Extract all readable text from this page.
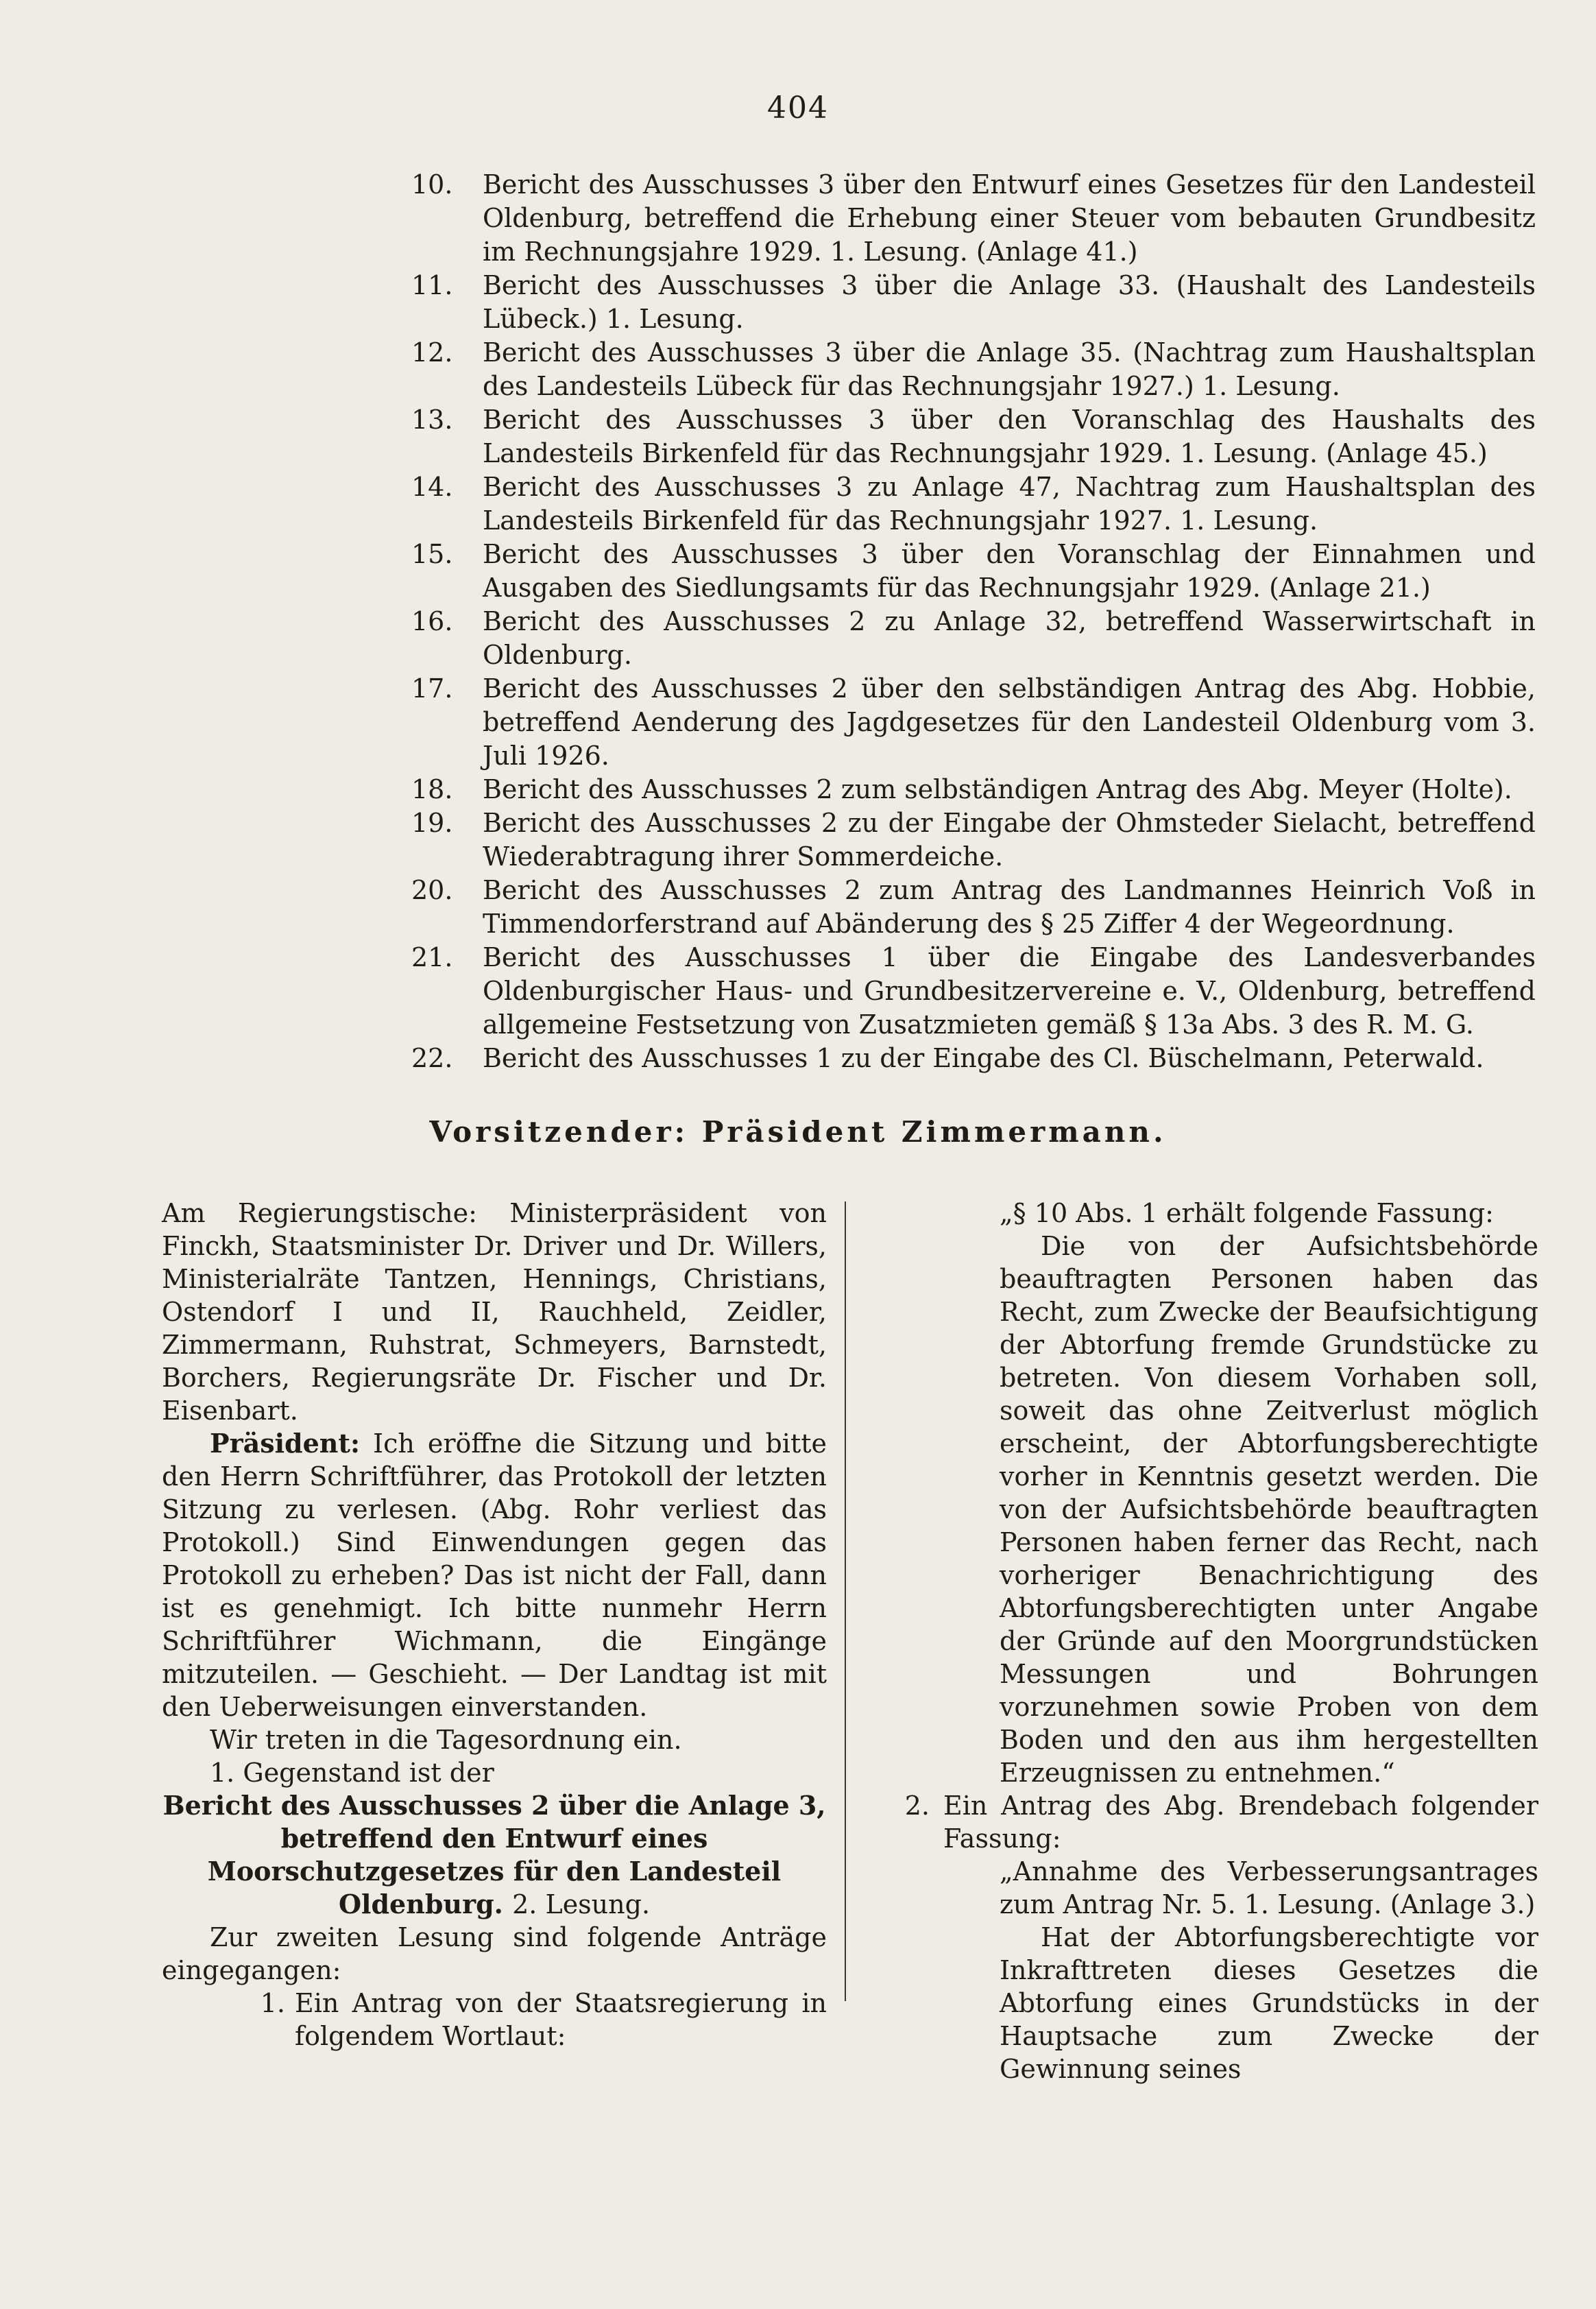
404
10.	Bericht des Ausschusses 3 über den Entwurf eines Gesetzes für den Landesteil Oldenburg, betreffend die Erhebung einer Steuer vom bebauten Grundbesitz im Rechnungsjahre 1929. 1. Lesung. (Anlage 41.)
11.	Bericht des Ausschusses 3 über die Anlage 33. (Haushalt des Landesteils Lübeck.) 1. Lesung.
12.	Bericht des Ausschusses 3 über die Anlage 35. (Nachtrag zum Haushaltsplan des Landesteils Lübeck für das Rechnungsjahr 1927.) 1. Lesung.
13.	Bericht des Ausschusses 3 über den Voranschlag des Haushalts des Landesteils Birkenfeld für das Rechnungsjahr 1929. 1. Lesung. (Anlage 45.)
14.	Bericht des Ausschusses 3 zu Anlage 47, Nachtrag zum Haushaltsplan des Landesteils Birkenfeld für das Rechnungsjahr 1927. 1. Lesung.
15.	Bericht des Ausschusses 3 über den Voranschlag der Einnahmen und Ausgaben des Siedlungsamts für das Rechnungsjahr 1929. (Anlage 21.)
16.	Bericht des Ausschusses 2 zu Anlage 32, betreffend Wasserwirtschaft in Oldenburg.
17.	Bericht des Ausschusses 2 über den selbständigen Antrag des Abg. Hobbie, betreffend Aenderung des Jagdgesetzes für den Landesteil Oldenburg vom 3. Juli 1926.
18.	Bericht des Ausschusses 2 zum selbständigen Antrag des Abg. Meyer (Holte).
19.	Bericht des Ausschusses 2 zu der Eingabe der Ohmsteder Sielacht, betreffend Wiederabtragung ihrer Sommerdeiche.
20.	Bericht des Ausschusses 2 zum Antrag des Landmannes Heinrich Voß in Timmendorferstrand auf Abänderung des § 25 Ziffer 4 der Wegeordnung.
21.	Bericht des Ausschusses 1 über die Eingabe des Landesverbandes Oldenburgischer Haus- und Grundbesitzervereine e. V., Oldenburg, betreffend allgemeine Festsetzung von Zusatzmieten gemäß § 13a Abs. 3 des R. M. G.
22.	Bericht des Ausschusses 1 zu der Eingabe des Cl. Büschelmann, Peterwald.
Vorsitzender: Präsident Zimmermann.

Am Regierungstische: Ministerpräsident von Finckh, Staatsminister Dr. Driver und Dr. Willers, Ministerialräte Tantzen, Hennings, Christians, Ostendorf I und II, Rauchheld, Zeidler, Zimmermann, Ruhstrat, Schmeyers, Barnstedt, Borchers, Regierungsräte Dr. Fischer und Dr. Eisenbart.

Präsident: Ich eröffne die Sitzung und bitte den Herrn Schriftführer, das Protokoll der letzten Sitzung zu verlesen. (Abg. Rohr verliest das Protokoll.) Sind Einwendungen gegen das Protokoll zu erheben? Das ist nicht der Fall, dann ist es genehmigt. Ich bitte nunmehr Herrn Schriftführer Wichmann, die Eingänge mitzuteilen. — Geschieht. — Der Landtag ist mit den Ueberweisungen einverstanden.

Wir treten in die Tagesordnung ein.

1. Gegenstand ist der

Bericht des Ausschusses 2 über die Anlage 3, betreffend den Entwurf eines Moorschutzgesetzes für den Landesteil Oldenburg. 2. Lesung.

Zur zweiten Lesung sind folgende Anträge eingegangen:

1. Ein Antrag von der Staatsregierung in folgendem Wortlaut:

„§ 10 Abs. 1 erhält folgende Fassung:

Die von der Aufsichtsbehörde beauftragten Personen haben das Recht, zum Zwecke der Beaufsichtigung der Abtorfung fremde Grundstücke zu betreten. Von diesem Vorhaben soll, soweit das ohne Zeitverlust möglich erscheint, der Abtorfungsberechtigte vorher in Kenntnis gesetzt werden. Die von der Aufsichtsbehörde beauftragten Personen haben ferner das Recht, nach vorheriger Benachrichtigung des Abtorfungsberechtigten unter Angabe der Gründe auf den Moorgrundstücken Messungen und Bohrungen vorzunehmen sowie Proben von dem Boden und den aus ihm hergestellten Erzeugnissen zu entnehmen.“

2. Ein Antrag des Abg. Brendebach folgender Fassung:

„Annahme des Verbesserungsantrages zum Antrag Nr. 5. 1. Lesung. (Anlage 3.)

Hat der Abtorfungsberechtigte vor Inkrafttreten dieses Gesetzes die Abtorfung eines Grundstücks in der Hauptsache zum Zwecke der Gewinnung seines
